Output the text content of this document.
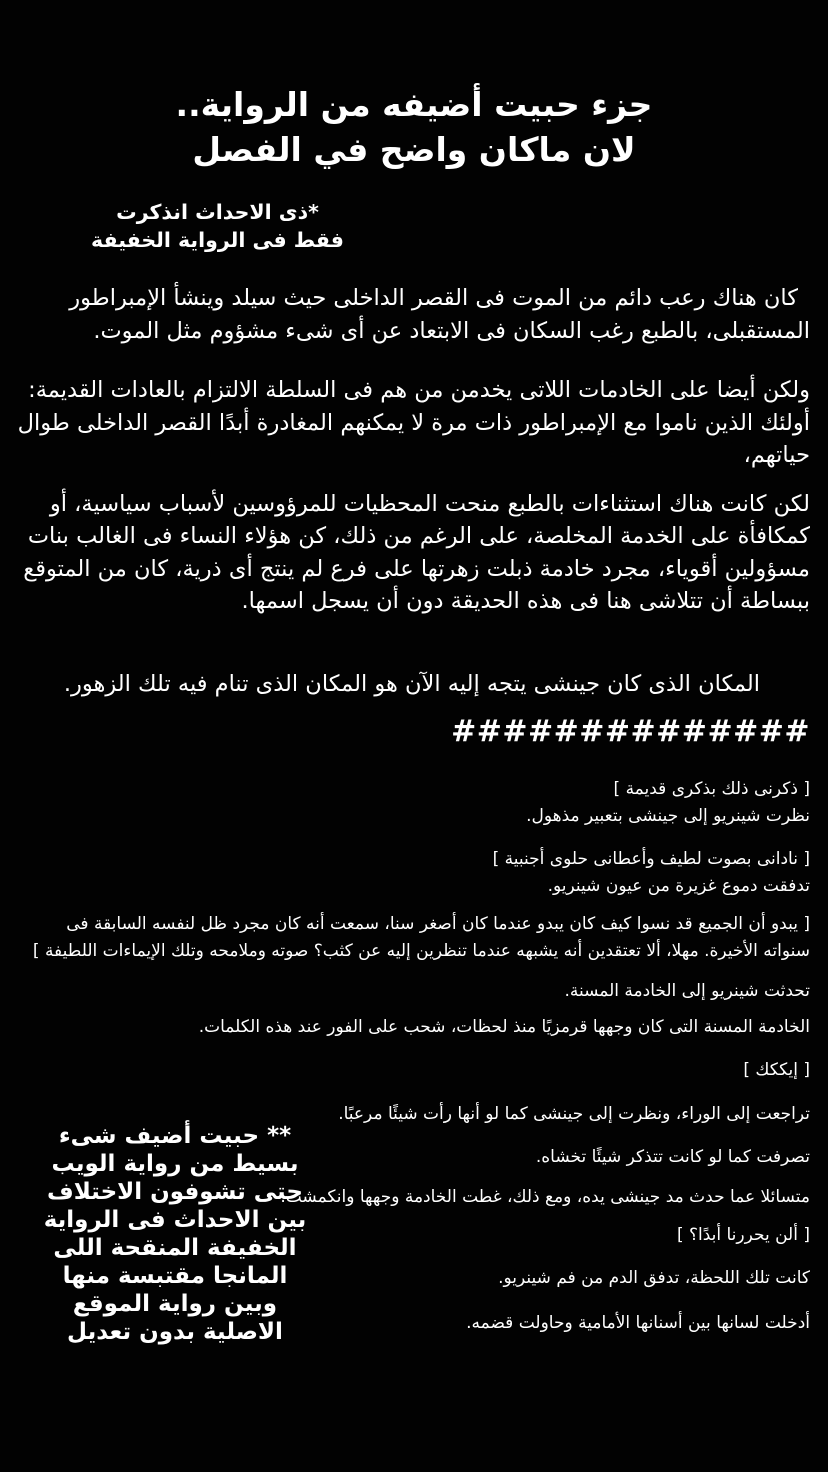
جزء حبيت أضيفه من الرواية..
لان ماكان واضح في الفصل
*ذى الاحداث انذكرت
فقط فى الرواية الخفيفة

كان هناك رعب دائم من الموت فى القصر الداخلى حيث سيلد وينشأ الإمبراطور المستقبلى، بالطبع رغب السكان فى الابتعاد عن أى شىء مشؤوم مثل الموت.

ولكن أيضا على الخادمات اللاتى يخدمن من هم فى السلطة الالتزام بالعادات القديمة: أولئك الذين ناموا مع الإمبراطور ذات مرة لا يمكنهم المغادرة أبدًا القصر الداخلى طوال حياتهم،

لكن كانت هناك استثناءات بالطبع منحت المحظيات للمرؤوسين لأسباب سياسية، أو كمكافأة على الخدمة المخلصة، على الرغم من ذلك، كن هؤلاء النساء فى الغالب بنات مسؤولين أقوياء، مجرد خادمة ذبلت زهرتها على فرع لم ينتج أى ذرية، كان من المتوقع ببساطة أن تتلاشى هنا فى هذه الحديقة دون أن يسجل اسمها.

المكان الذى كان جينشى يتجه إليه الآن هو المكان الذى تنام فيه تلك الزهور.

##############
[ ذكرنى ذلك بذكرى قديمة ]
نظرت شينريو إلى جينشى بتعبير مذهول.
[ نادانى بصوت لطيف وأعطانى حلوى أجنبية ]
تدفقت دموع غزيرة من عيون شينريو.
[ يبدو أن الجميع قد نسوا كيف كان يبدو عندما كان أصغر سنا، سمعت أنه كان مجرد ظل لنفسه السابقة فى سنواته الأخيرة. مهلا، ألا تعتقدين أنه يشبهه عندما تنظرين إليه عن كثب؟ صوته وملامحه وتلك الإيماءات اللطيفة ]
تحدثت شينريو إلى الخادمة المسنة.
الخادمة المسنة التى كان وجهها قرمزيًا منذ لحظات، شحب على الفور عند هذه الكلمات.
[ إيككك ]
تراجعت إلى الوراء، ونظرت إلى جينشى كما لو أنها رأت شيئًا مرعبًا.
تصرفت كما لو كانت تتذكر شيئًا تخشاه.
متسائلا عما حدث مد جينشى يده، ومع ذلك، غطت الخادمة وجهها وانكمشت.
[ ألن يحررنا أبدًا؟ ]
كانت تلك اللحظة، تدفق الدم من فم شينريو.
أدخلت لسانها بين أسنانها الأمامية وحاولت قضمه.
** حبيت أضيف شىء
بسيط من رواية الويب
حتى تشوفون الاختلاف
بين الاحداث فى الرواية
الخفيفة المنقحة اللى
المانجا مقتبسة منها
وبين رواية الموقع
الاصلية بدون تعديل
